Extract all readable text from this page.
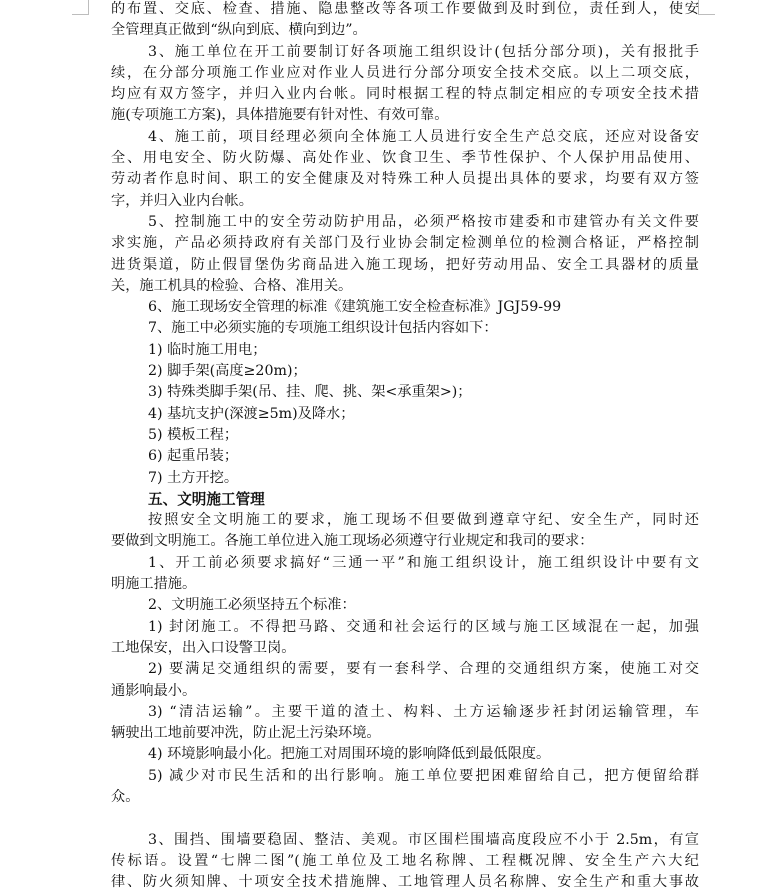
的布置、交底、检查、措施、隐患整改等各项工作要做到及时到位，责任到人，使安
全管理真正做到“纵向到底、横向到边”。
3、施工单位在开工前要制订好各项施工组织设计(包括分部分项)，关有报批手
续，在分部分项施工作业应对作业人员进行分部分项安全技术交底。以上二项交底，
均应有双方签字，并归入业内台帐。同时根据工程的特点制定相应的专项安全技术措
施(专项施工方案)，具体措施要有针对性、有效可靠。
4、施工前，项目经理必须向全体施工人员进行安全生产总交底，还应对设备安
全、用电安全、防火防爆、高处作业、饮食卫生、季节性保护、个人保护用品使用、
劳动者作息时间、职工的安全健康及对特殊工种人员提出具体的要求，均要有双方签
字，并归入业内台帐。
5、控制施工中的安全劳动防护用品，必须严格按市建委和市建管办有关文件要
求实施，产品必须持政府有关部门及行业协会制定检测单位的检测合格证，严格控制
进货渠道，防止假冒堡伪劣商品进入施工现场，把好劳动用品、安全工具器材的质量
关，施工机具的检验、合格、准用关。
6、施工现场安全管理的标准《建筑施工安全检查标准》JGJ59-99
7、施工中必须实施的专项施工组织设计包括内容如下：
1) 临时施工用电；
2) 脚手架(高度≥20m)；
3) 特殊类脚手架(吊、挂、爬、挑、架<承重架>)；
4) 基坑支护(深渡≥5m)及降水；
5) 模板工程；
6) 起重吊装；
7) 土方开挖。
五、文明施工管理
按照安全文明施工的要求，施工现场不但要做到遵章守纪、安全生产，同时还
要做到文明施工。各施工单位进入施工现场必须遵守行业规定和我司的要求：
1、开工前必须要求搞好“三通一平”和施工组织设计，施工组织设计中要有文
明施工措施。
2、文明施工必须坚持五个标准：
1) 封闭施工。不得把马路、交通和社会运行的区域与施工区域混在一起，加强
工地保安，出入口设警卫岗。
2) 要满足交通组织的需要，要有一套科学、合理的交通组织方案，使施工对交
通影响最小。
3) “清洁运输”。主要干道的渣土、构料、土方运输逐步衽封闭运输管理，车
辆驶出工地前要冲洗，防止泥土污染环境。
4) 环境影响最小化。把施工对周围环境的影响降低到最低限度。
5) 减少对市民生活和的出行影响。施工单位要把困难留给自己，把方便留给群
众。
3、围挡、围墙要稳固、整洁、美观。市区围栏围墙高度段应不小于 2.5m，有宣
传标语。设置“七牌二图”(施工单位及工地名称牌、工程概况牌、安全生产六大纪
律、防火须知牌、十项安全技术措施牌、工地管理人员名称牌、安全生产和重大事故
